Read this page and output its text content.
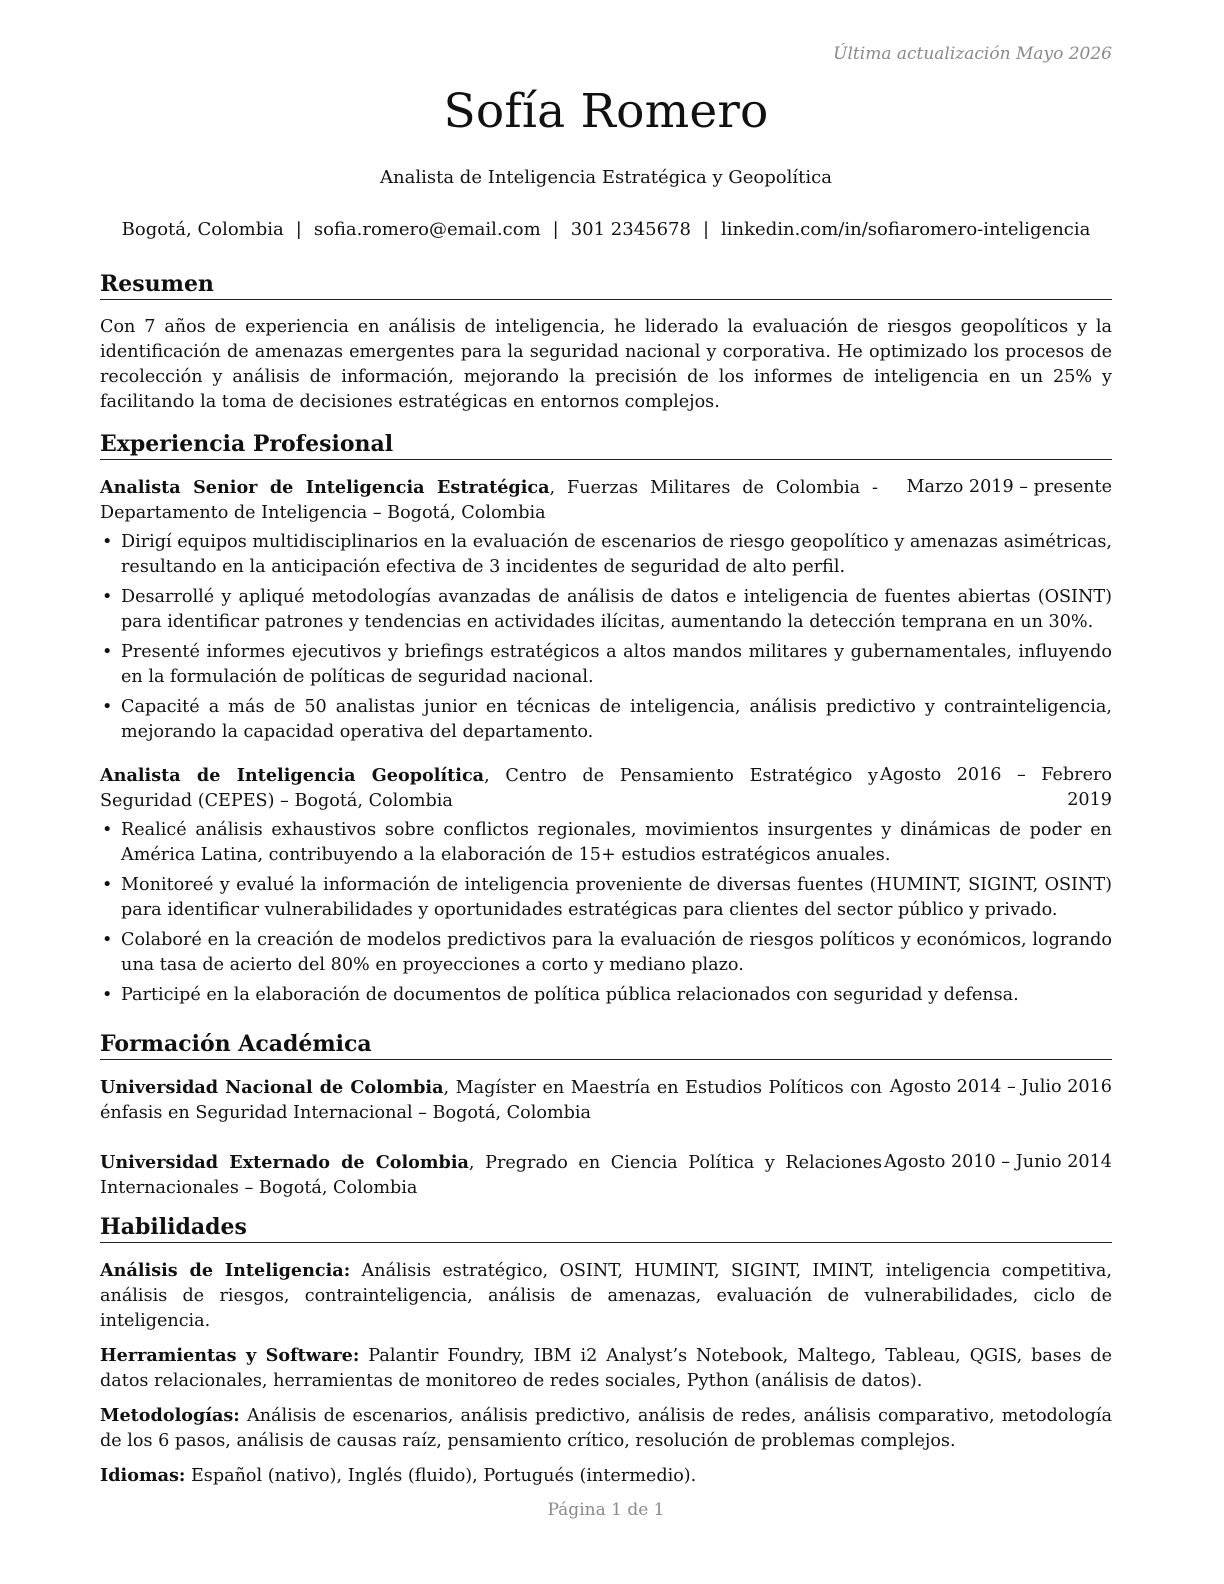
Última actualización Mayo 2026
Sofía Romero
Analista de Inteligencia Estratégica y Geopolítica
Bogotá, Colombia | sofia.romero@email.com | 301 2345678 | linkedin.com/in/sofiaromero-inteligencia
Resumen

Con 7 años de experiencia en análisis de inteligencia, he liderado la evaluación de riesgos geopolíticos y la identificación de amenazas emergentes para la seguridad nacional y corporativa. He optimizado los procesos de recolección y análisis de información, mejorando la precisión de los informes de inteligencia en un 25% y facilitando la toma de decisiones estratégicas en entornos complejos.

Experiencia Profesional
Analista Senior de Inteligencia Estratégica, Fuerzas Militares de Colombia - Departamento de Inteligencia – Bogotá, Colombia
Marzo 2019 – presente
• Dirigí equipos multidisciplinarios en la evaluación de escenarios de riesgo geopolítico y amenazas asimétricas, resultando en la anticipación efectiva de 3 incidentes de seguridad de alto perfil.
• Desarrollé y apliqué metodologías avanzadas de análisis de datos e inteligencia de fuentes abiertas (OSINT) para identificar patrones y tendencias en actividades ilícitas, aumentando la detección temprana en un 30%.
• Presenté informes ejecutivos y briefings estratégicos a altos mandos militares y gubernamentales, influyendo en la formulación de políticas de seguridad nacional.
• Capacité a más de 50 analistas junior en técnicas de inteligencia, análisis predictivo y contrainteligencia, mejorando la capacidad operativa del departamento.
Analista de Inteligencia Geopolítica, Centro de Pensamiento Estratégico y Seguridad (CEPES) – Bogotá, Colombia
Agosto 2016 – Febrero
2019
• Realicé análisis exhaustivos sobre conflictos regionales, movimientos insurgentes y dinámicas de poder en América Latina, contribuyendo a la elaboración de 15+ estudios estratégicos anuales.
• Monitoreé y evalué la información de inteligencia proveniente de diversas fuentes (HUMINT, SIGINT, OSINT) para identificar vulnerabilidades y oportunidades estratégicas para clientes del sector público y privado.
• Colaboré en la creación de modelos predictivos para la evaluación de riesgos políticos y económicos, logrando una tasa de acierto del 80% en proyecciones a corto y mediano plazo.
• Participé en la elaboración de documentos de política pública relacionados con seguridad y defensa.
Formación Académica
Universidad Nacional de Colombia, Magíster en Maestría en Estudios Políticos con énfasis en Seguridad Internacional – Bogotá, Colombia
Agosto 2014 – Julio 2016
Universidad Externado de Colombia, Pregrado en Ciencia Política y Relaciones Internacionales – Bogotá, Colombia
Agosto 2010 – Junio 2014
Habilidades

Análisis de Inteligencia: Análisis estratégico, OSINT, HUMINT, SIGINT, IMINT, inteligencia competitiva, análisis de riesgos, contrainteligencia, análisis de amenazas, evaluación de vulnerabilidades, ciclo de inteligencia.

Herramientas y Software: Palantir Foundry, IBM i2 Analyst’s Notebook, Maltego, Tableau, QGIS, bases de datos relacionales, herramientas de monitoreo de redes sociales, Python (análisis de datos).

Metodologías: Análisis de escenarios, análisis predictivo, análisis de redes, análisis comparativo, metodología de los 6 pasos, análisis de causas raíz, pensamiento crítico, resolución de problemas complejos.

Idiomas: Español (nativo), Inglés (fluido), Portugués (intermedio).

Página 1 de 1
